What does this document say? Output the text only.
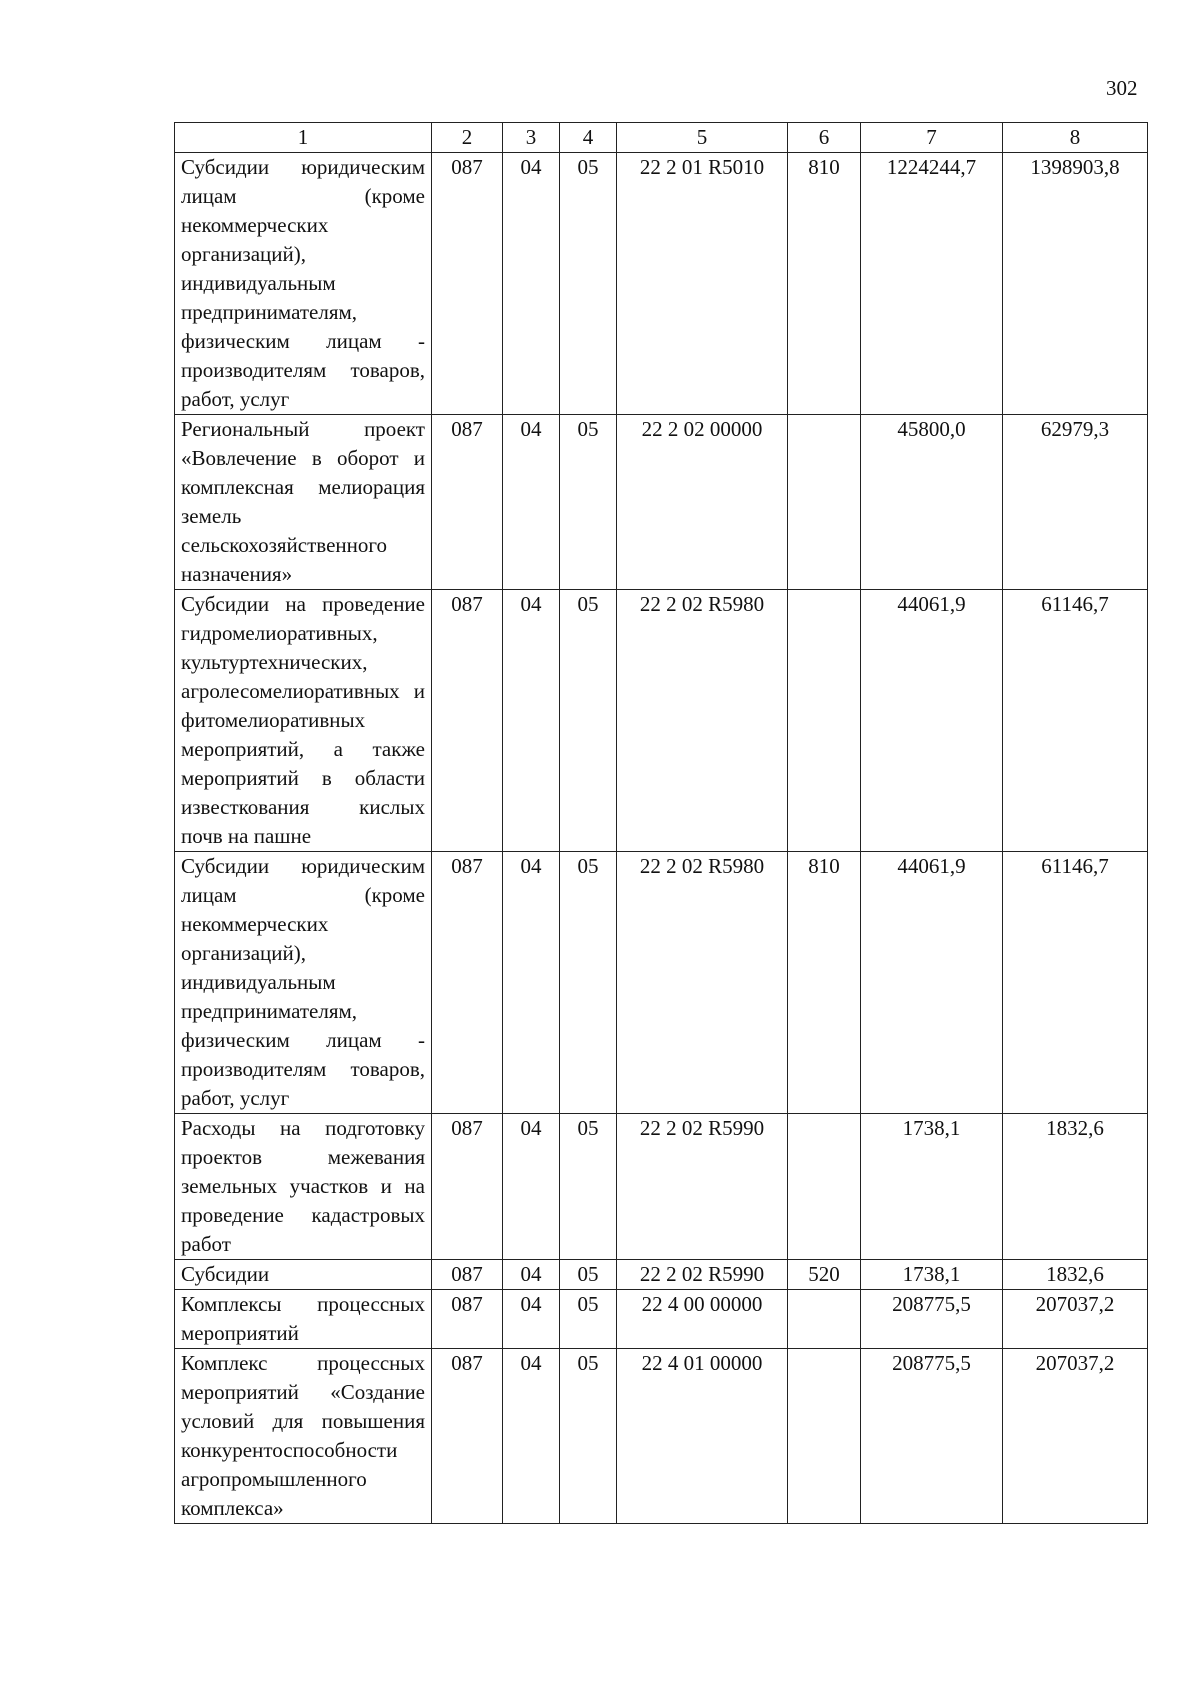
302
1	2	3	4	5	6	7	8
Субсидии юридическим лицам (кроме некоммерческих организаций), индивидуальным предпринимателям, физическим лицам - производителям товаров, работ, услуг	087	04	05	22 2 01 R5010	810	1224244,7	1398903,8
Региональный проект «Вовлечение в оборот и комплексная мелиорация земель сельскохозяйственного назначения»	087	04	05	22 2 02 00000		45800,0	62979,3
Субсидии на проведение гидромелиоративных, культуртехнических, агролесомелиоративных и фитомелиоративных мероприятий, а также мероприятий в области известкования кислых почв на пашне	087	04	05	22 2 02 R5980		44061,9	61146,7
Субсидии юридическим лицам (кроме некоммерческих организаций), индивидуальным предпринимателям, физическим лицам - производителям товаров, работ, услуг	087	04	05	22 2 02 R5980	810	44061,9	61146,7
Расходы на подготовку проектов межевания земельных участков и на проведение кадастровых работ	087	04	05	22 2 02 R5990		1738,1	1832,6
Субсидии	087	04	05	22 2 02 R5990	520	1738,1	1832,6
Комплексы процессных мероприятий	087	04	05	22 4 00 00000		208775,5	207037,2
Комплекс процессных мероприятий «Создание условий для повышения конкурентоспособности агропромышленного комплекса»	087	04	05	22 4 01 00000		208775,5	207037,2
